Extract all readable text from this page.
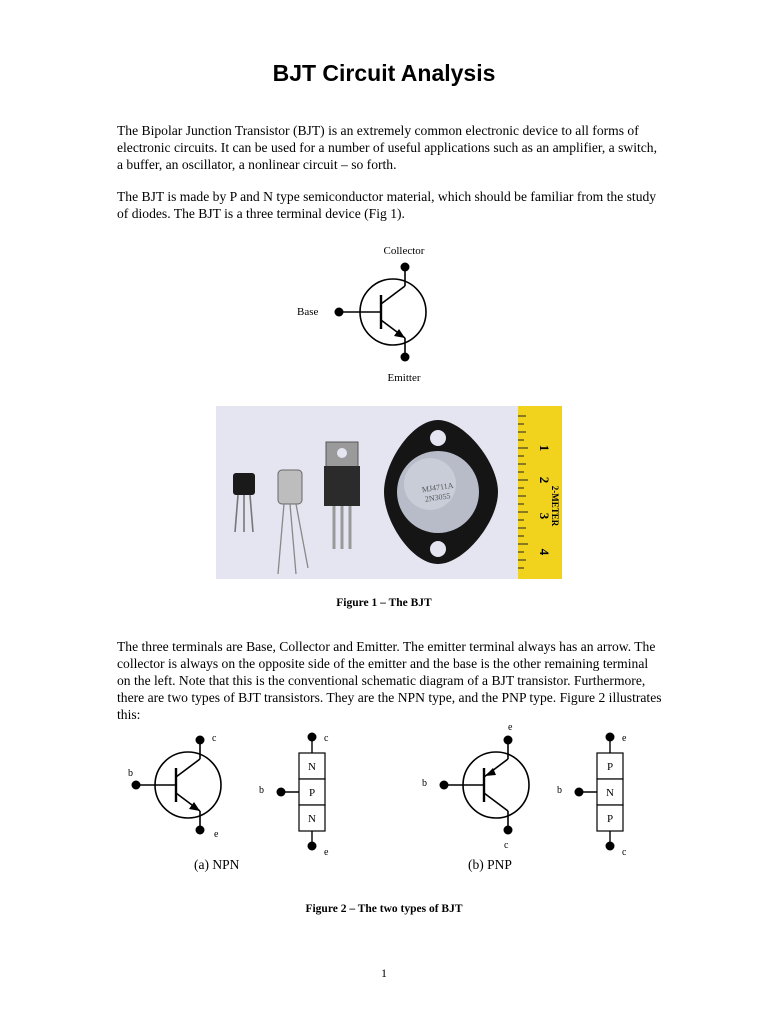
BJT Circuit Analysis

The Bipolar Junction Transistor (BJT) is an extremely common electronic device to all forms of electronic circuits. It can be used for a number of useful applications such as an amplifier, a switch, a buffer, an oscillator, a nonlinear circuit – so forth.

The BJT is made by P and N type semiconductor material, which should be familiar from the study of diodes. The BJT is a three terminal device (Fig 1).

Collector
Base
Emitter
MJ4711A
2N3055
1
2
3
4
2-METER
Figure 1 – The BJT

The three terminals are Base, Collector and Emitter. The emitter terminal always has an arrow. The collector is always on the opposite side of the emitter and the base is the other remaining terminal on the left. Note that this is the conventional schematic diagram of a BJT transistor. Furthermore, there are two types of BJT transistors. They are the NPN type, and the PNP type. Figure 2 illustrates this:

c
b
e
c
b
e
N
P
N
(a) NPN
e
b
c
e
b
c
P
N
P
(b) PNP
Figure 2 – The two types of BJT
1
